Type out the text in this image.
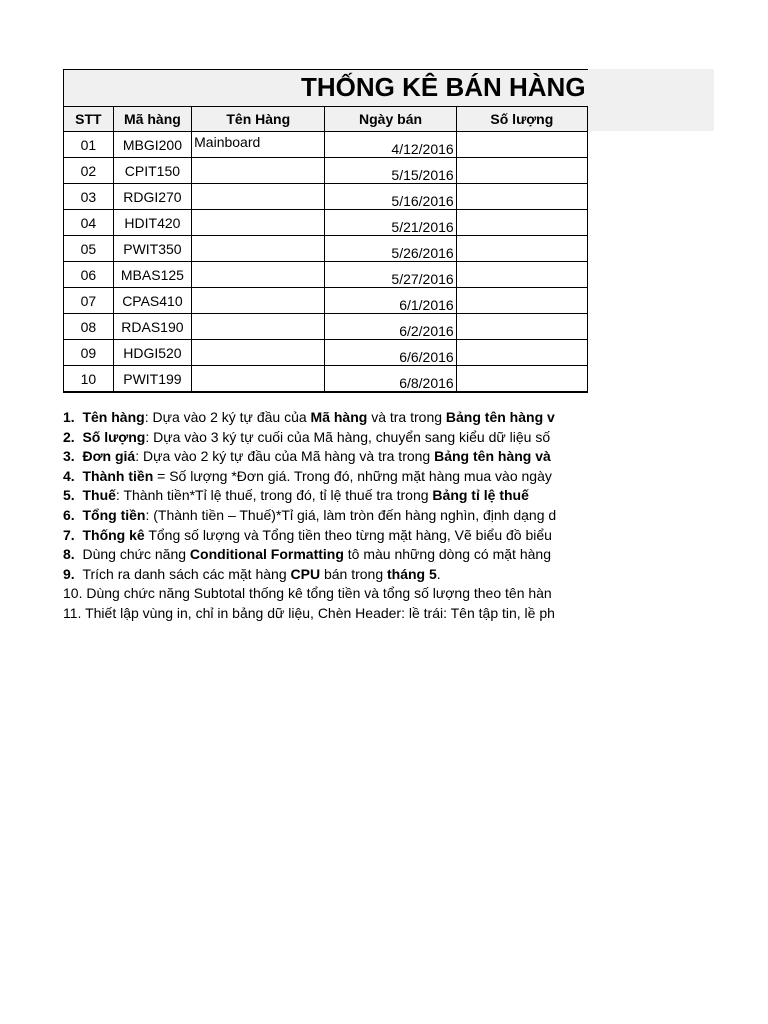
THỐNG KÊ BÁN HÀNG
STT	Mã hàng	Tên Hàng	Ngày bán	Số lượng
01	MBGI200	Mainboard	4/12/2016	
02	CPIT150		5/15/2016	
03	RDGI270		5/16/2016	
04	HDIT420		5/21/2016	
05	PWIT350		5/26/2016	
06	MBAS125		5/27/2016	
07	CPAS410		6/1/2016	
08	RDAS190		6/2/2016	
09	HDGI520		6/6/2016	
10	PWIT199		6/8/2016	
1. Tên hàng: Dựa vào 2 ký tự đầu của Mã hàng và tra trong Bảng tên hàng v
2. Số lượng: Dựa vào 3 ký tự cuối của Mã hàng, chuyển sang kiểu dữ liệu số
3. Đơn giá: Dựa vào 2 ký tự đầu của Mã hàng và tra trong Bảng tên hàng và
4. Thành tiền = Số lượng *Đơn giá. Trong đó, những mặt hàng mua vào ngày
5. Thuế: Thành tiền*Tỉ lệ thuế, trong đó, tỉ lệ thuế tra trong Bảng tỉ lệ thuế
6. Tổng tiền: (Thành tiền – Thuế)*Tỉ giá, làm tròn đến hàng nghìn, định dạng d
7. Thống kê Tổng số lượng và Tổng tiền theo từng mặt hàng, Vẽ biểu đồ biểu
8. Dùng chức năng Conditional Formatting tô màu những dòng có mặt hàng
9. Trích ra danh sách các mặt hàng CPU bán trong tháng 5.
10. Dùng chức năng Subtotal thống kê tổng tiền và tổng số lượng theo tên hàn
11. Thiết lập vùng in, chỉ in bảng dữ liệu, Chèn Header: lề trái: Tên tập tin, lề ph
